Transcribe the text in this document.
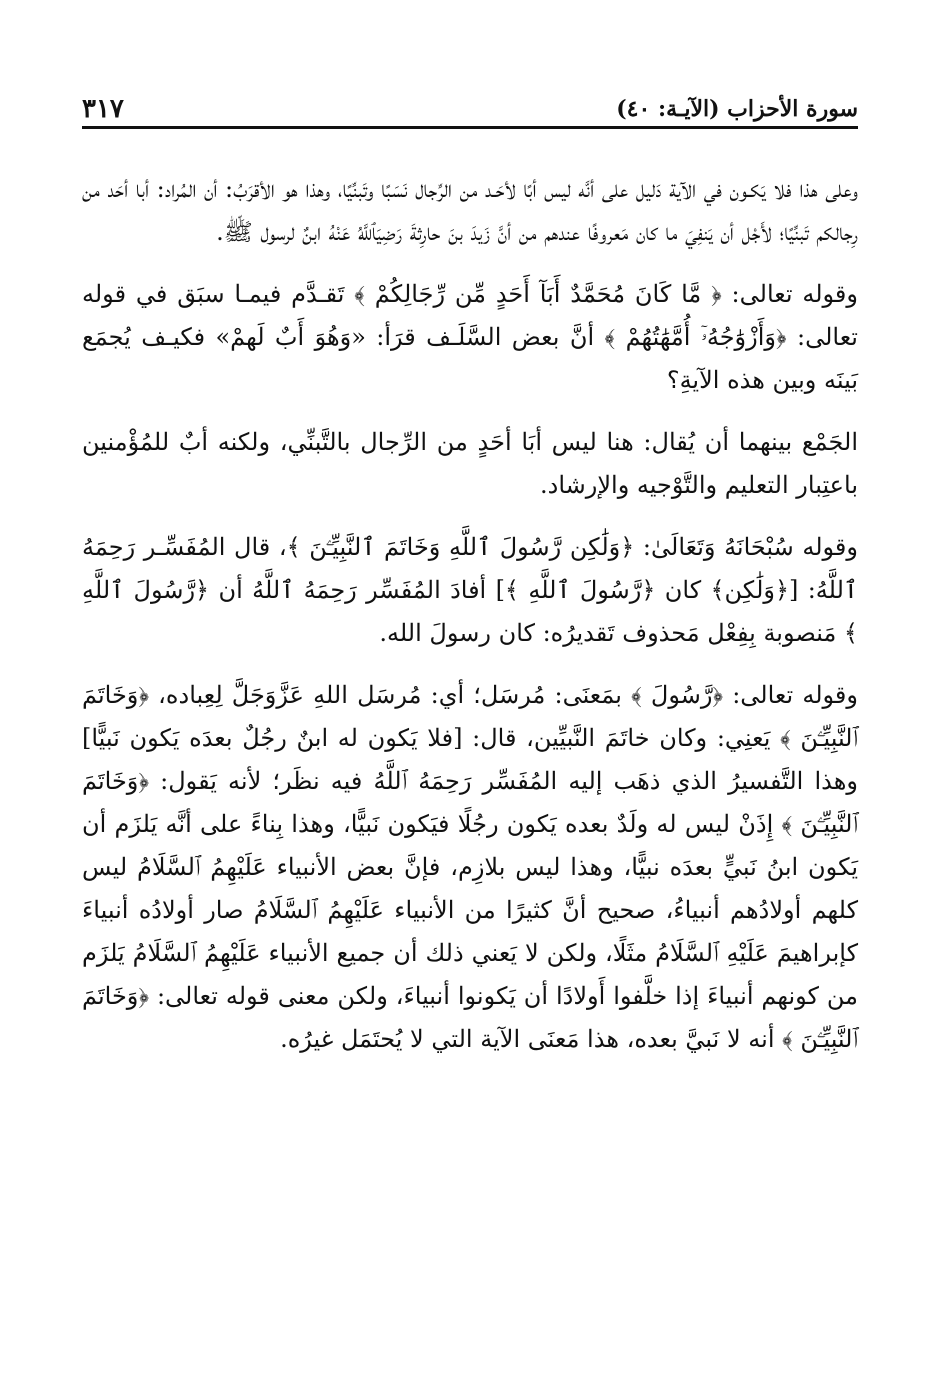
٣١٧	سورة الأحزاب (الآيـة: ٤٠)

وعلى هذا فلا يَكـون في الآية دَليل على أنَّه ليس أبًا لأحَـد من الرِّجال نَسَبًا وتَبنِّيًا، وهذا هو الأقرَبُ: أن المُراد: أبا أحَد من رِجالكم تَبنِّيًا؛ لأَجْل أن يَنفِيَ ما كان مَعروفًا عندهم من أنَّ زَيدَ بنَ حارِثةَ رَضِيَٱللَّهُ عَنْهُ ابنٌ لرسول ﷺ.

وقوله تعالى: ﴿ مَّا كَانَ مُحَمَّدٌ أَبَآ أَحَدٍ مِّن رِّجَالِكُمْ ﴾ تَقـدَّم فيمـا سبَق في قوله تعالى: ﴿وَأَزْوَٰجُهُۥٓ أُمَّهَٰتُهُمْ ﴾ أنَّ بعض السَّلَـف قرَأ: «وَهُوَ أَبٌ لَهمْ» فكيـف يُجمَع بَينَه وبين هذه الآيةِ؟

الجَمْع بينهما أن يُقال: هنا ليس أبَا أحَدٍ من الرِّجال بالتَّبنِّي، ولكنه أبٌ للمُؤْمنين باعتِبار التعليم والتَّوْجيه والإرشاد.

وقوله سُبْحَانَهُ وَتَعَالَىٰ: ﴿وَلَٰكِن رَّسُولَ ٱللَّهِ وَخَاتَمَ ٱلنَّبِيِّـۧنَ ﴾، قال المُفَسِّـر رَحِمَهُ ٱللَّهُ: [﴿وَلَٰكِن﴾ كان ﴿رَّسُولَ ٱللَّهِ ﴾] أفادَ المُفَسِّر رَحِمَهُ ٱللَّهُ أن ﴿رَّسُولَ ٱللَّهِ ﴾ مَنصوبة بِفِعْل مَحذوف تَقديرُه: كان رسولَ الله.

وقوله تعالى: ﴿رَّسُولَ ﴾ بمَعنَى: مُرسَل؛ أي: مُرسَل اللهِ عَزَّوَجَلَّ لِعِباده، ﴿وَخَاتَمَ ٱلنَّبِيِّـۧنَ ﴾ يَعنِي: وكان خاتَمَ النَّبيِّين، قال: [فلا يَكون له ابنٌ رجُلٌ بعدَه يَكون نَبيًّا] وهذا التَّفسيرُ الذي ذهَب إليه المُفَسِّر رَحِمَهُ ٱللَّهُ فيه نظَر؛ لأنه يَقول: ﴿وَخَاتَمَ ٱلنَّبِيِّـۧنَ ﴾ إِذَنْ ليس له ولَدٌ بعده يَكون رجُلًا فيَكون نَبيًّا، وهذا بِناءً على أنَّه يَلزَم أن يَكون ابنُ نَبيٍّ بعدَه نبيًّا، وهذا ليس بلازِم، فإنَّ بعض الأنبياء عَلَيْهِمُ ٱلسَّلَامُ ليس كلهم أولادُهم أنبياءُ، صحيح أنَّ كثيرًا من الأنبياء عَلَيْهِمُ ٱلسَّلَامُ صار أولادُه أنبياءَ كإبراهيمَ عَلَيْهِ ٱلسَّلَامُ مثَلًا، ولكن لا يَعني ذلك أن جميع الأنبياء عَلَيْهِمُ ٱلسَّلَامُ يَلزَم من كونهم أنبياءَ إذا خلَّفوا أَولادًا أن يَكونوا أنبياءَ، ولكن معنى قوله تعالى: ﴿وَخَاتَمَ ٱلنَّبِيِّـۧنَ ﴾ أنه لا نَبيَّ بعده، هذا مَعنَى الآية التي لا يُحتَمَل غيرُه.
